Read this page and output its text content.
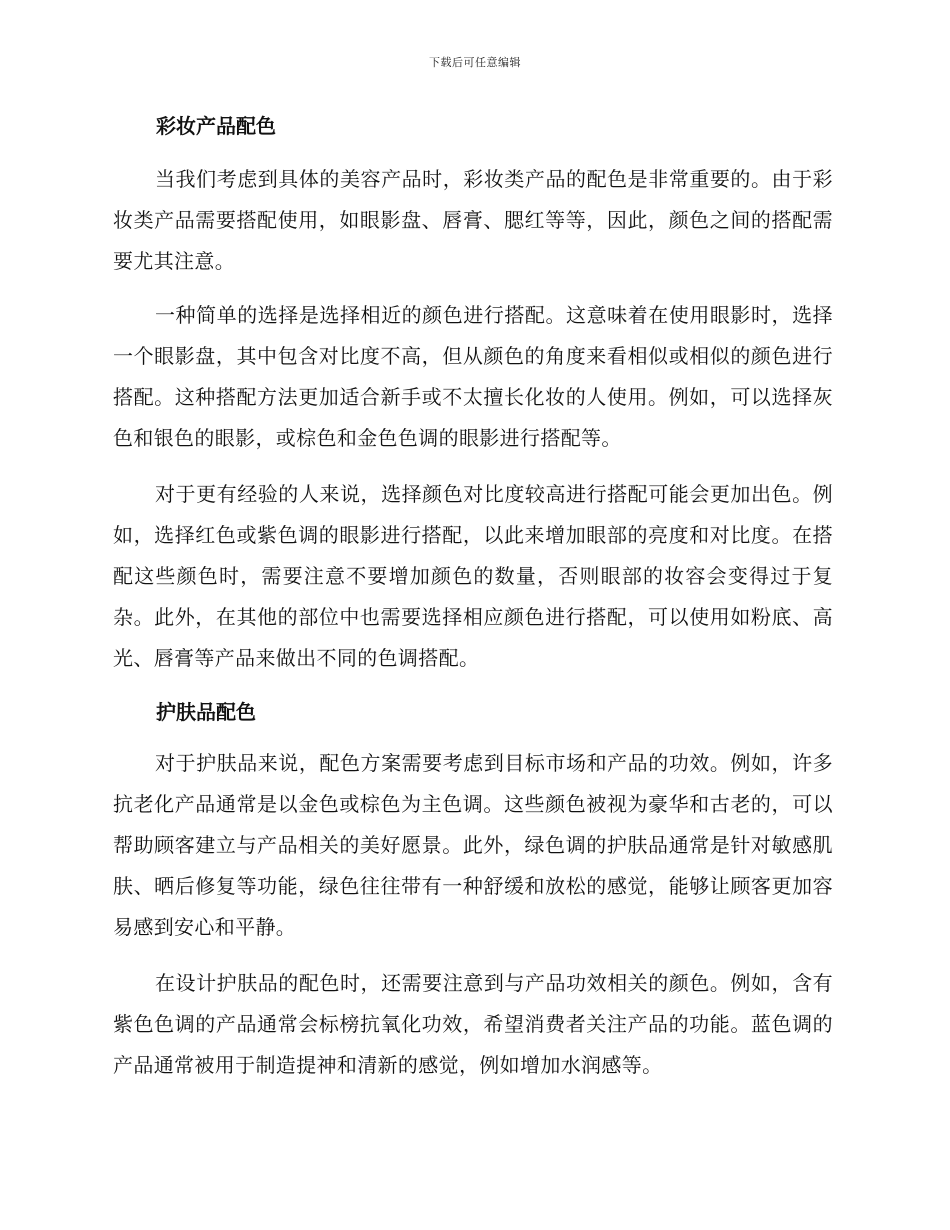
下载后可任意编辑
彩妆产品配色

当我们考虑到具体的美容产品时，彩妆类产品的配色是非常重要的。由于彩妆类产品需要搭配使用，如眼影盘、唇膏、腮红等等，因此，颜色之间的搭配需要尤其注意。

一种简单的选择是选择相近的颜色进行搭配。这意味着在使用眼影时，选择一个眼影盘，其中包含对比度不高，但从颜色的角度来看相似或相似的颜色进行搭配。这种搭配方法更加适合新手或不太擅长化妆的人使用。例如，可以选择灰色和银色的眼影，或棕色和金色色调的眼影进行搭配等。

对于更有经验的人来说，选择颜色对比度较高进行搭配可能会更加出色。例如，选择红色或紫色调的眼影进行搭配，以此来增加眼部的亮度和对比度。在搭配这些颜色时，需要注意不要增加颜色的数量，否则眼部的妆容会变得过于复杂。此外，在其他的部位中也需要选择相应颜色进行搭配，可以使用如粉底、高光、唇膏等产品来做出不同的色调搭配。

护肤品配色

对于护肤品来说，配色方案需要考虑到目标市场和产品的功效。例如，许多抗老化产品通常是以金色或棕色为主色调。这些颜色被视为豪华和古老的，可以帮助顾客建立与产品相关的美好愿景。此外，绿色调的护肤品通常是针对敏感肌肤、晒后修复等功能，绿色往往带有一种舒缓和放松的感觉，能够让顾客更加容易感到安心和平静。

在设计护肤品的配色时，还需要注意到与产品功效相关的颜色。例如，含有紫色色调的产品通常会标榜抗氧化功效，希望消费者关注产品的功能。蓝色调的产品通常被用于制造提神和清新的感觉，例如增加水润感等。
